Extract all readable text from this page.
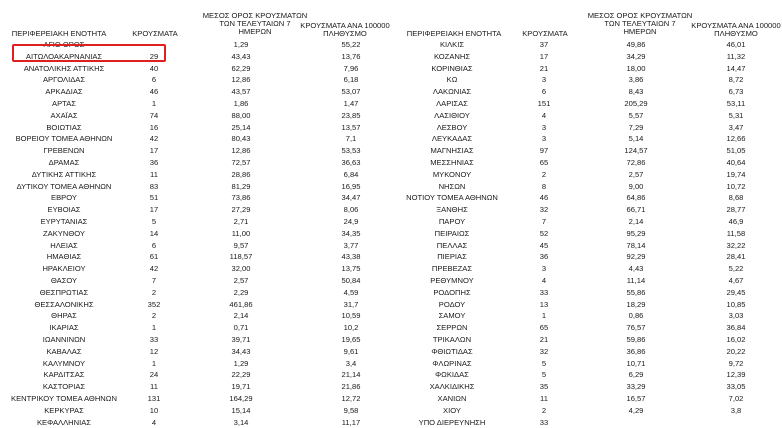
ΠΕΡΙΦΕΡΕΙΑΚΗ ΕΝΟΤΗΤΑ	ΚΡΟΥΣΜΑΤΑ
ΜΕΣΟΣ ΟΡΟΣ ΚΡΟΥΣΜΑΤΩΝ
ΤΩΝ ΤΕΛΕΥΤΑΙΩΝ 7
ΗΜΕΡΩΝ
ΚΡΟΥΣΜΑΤΑ ΑΝΑ 100000
ΠΛΗΘΥΣΜΟ	ΠΕΡΙΦΕΡΕΙΑΚΗ ΕΝΟΤΗΤΑ	ΚΡΟΥΣΜΑΤΑ
ΜΕΣΟΣ ΟΡΟΣ ΚΡΟΥΣΜΑΤΩΝ
ΤΩΝ ΤΕΛΕΥΤΑΙΩΝ 7
ΗΜΕΡΩΝ
ΚΡΟΥΣΜΑΤΑ ΑΝΑ 100000
ΠΛΗΘΥΣΜΟ
ΑΓΙΟ ΟΡΟΣ		1,29	55,22
ΑΙΤΩΛΟΑΚΑΡΝΑΝΙΑΣ	29	43,43	13,76
ΑΝΑΤΟΛΙΚΗΣ ΑΤΤΙΚΗΣ	40	62,29	7,96
ΑΡΓΟΛΙΔΑΣ	6	12,86	6,18
ΑΡΚΑΔΙΑΣ	46	43,57	53,07
ΑΡΤΑΣ	1	1,86	1,47
ΑΧΑΪΑΣ	74	88,00	23,85
ΒΟΙΩΤΙΑΣ	16	25,14	13,57
ΒΟΡΕΙΟΥ ΤΟΜΕΑ ΑΘΗΝΩΝ	42	80,43	7,1
ΓΡΕΒΕΝΩΝ	17	12,86	53,53
ΔΡΑΜΑΣ	36	72,57	36,63
ΔΥΤΙΚΗΣ ΑΤΤΙΚΗΣ	11	28,86	6,84
ΔΥΤΙΚΟΥ ΤΟΜΕΑ ΑΘΗΝΩΝ	83	81,29	16,95
ΕΒΡΟΥ	51	73,86	34,47
ΕΥΒΟΙΑΣ	17	27,29	8,06
ΕΥΡΥΤΑΝΙΑΣ	5	2,71	24,9
ΖΑΚΥΝΘΟΥ	14	11,00	34,35
ΗΛΕΙΑΣ	6	9,57	3,77
ΗΜΑΘΙΑΣ	61	118,57	43,38
ΗΡΑΚΛΕΙΟΥ	42	32,00	13,75
ΘΑΣΟΥ	7	2,57	50,84
ΘΕΣΠΡΩΤΙΑΣ	2	2,29	4,59
ΘΕΣΣΑΛΟΝΙΚΗΣ	352	461,86	31,7
ΘΗΡΑΣ	2	2,14	10,59
ΙΚΑΡΙΑΣ	1	0,71	10,2
ΙΩΑΝΝΙΝΩΝ	33	39,71	19,65
ΚΑΒΑΛΑΣ	12	34,43	9,61
ΚΑΛΥΜΝΟΥ	1	1,29	3,4
ΚΑΡΔΙΤΣΑΣ	24	22,29	21,14
ΚΑΣΤΟΡΙΑΣ	11	19,71	21,86
ΚΕΝΤΡΙΚΟΥ ΤΟΜΕΑ ΑΘΗΝΩΝ	131	164,29	12,72
ΚΕΡΚΥΡΑΣ	10	15,14	9,58
ΚΕΦΑΛΛΗΝΙΑΣ	4	3,14	11,17
ΚΙΛΚΙΣ	37	49,86	46,01
ΚΟΖΑΝΗΣ	17	34,29	11,32
ΚΟΡΙΝΘΙΑΣ	21	18,00	14,47
ΚΩ	3	3,86	8,72
ΛΑΚΩΝΙΑΣ	6	8,43	6,73
ΛΑΡΙΣΑΣ	151	205,29	53,11
ΛΑΣΙΘΙΟΥ	4	5,57	5,31
ΛΕΣΒΟΥ	3	7,29	3,47
ΛΕΥΚΑΔΑΣ	3	5,14	12,66
ΜΑΓΝΗΣΙΑΣ	97	124,57	51,05
ΜΕΣΣΗΝΙΑΣ	65	72,86	40,64
ΜΥΚΟΝΟΥ	2	2,57	19,74
ΝΗΣΩΝ	8	9,00	10,72
ΝΟΤΙΟΥ ΤΟΜΕΑ ΑΘΗΝΩΝ	46	64,86	8,68
ΞΑΝΘΗΣ	32	66,71	28,77
ΠΑΡΟΥ	7	2,14	46,9
ΠΕΙΡΑΙΩΣ	52	95,29	11,58
ΠΕΛΛΑΣ	45	78,14	32,22
ΠΙΕΡΙΑΣ	36	92,29	28,41
ΠΡΕΒΕΖΑΣ	3	4,43	5,22
ΡΕΘΥΜΝΟΥ	4	11,14	4,67
ΡΟΔΟΠΗΣ	33	55,86	29,45
ΡΟΔΟΥ	13	18,29	10,85
ΣΑΜΟΥ	1	0,86	3,03
ΣΕΡΡΩΝ	65	76,57	36,84
ΤΡΙΚΑΛΩΝ	21	59,86	16,02
ΦΘΙΩΤΙΔΑΣ	32	36,86	20,22
ΦΛΩΡΙΝΑΣ	5	10,71	9,72
ΦΩΚΙΔΑΣ	5	6,29	12,39
ΧΑΛΚΙΔΙΚΗΣ	35	33,29	33,05
ΧΑΝΙΩΝ	11	16,57	7,02
ΧΙΟΥ	2	4,29	3,8
ΥΠΟ ΔΙΕΡΕΥΝΗΣΗ	33		
